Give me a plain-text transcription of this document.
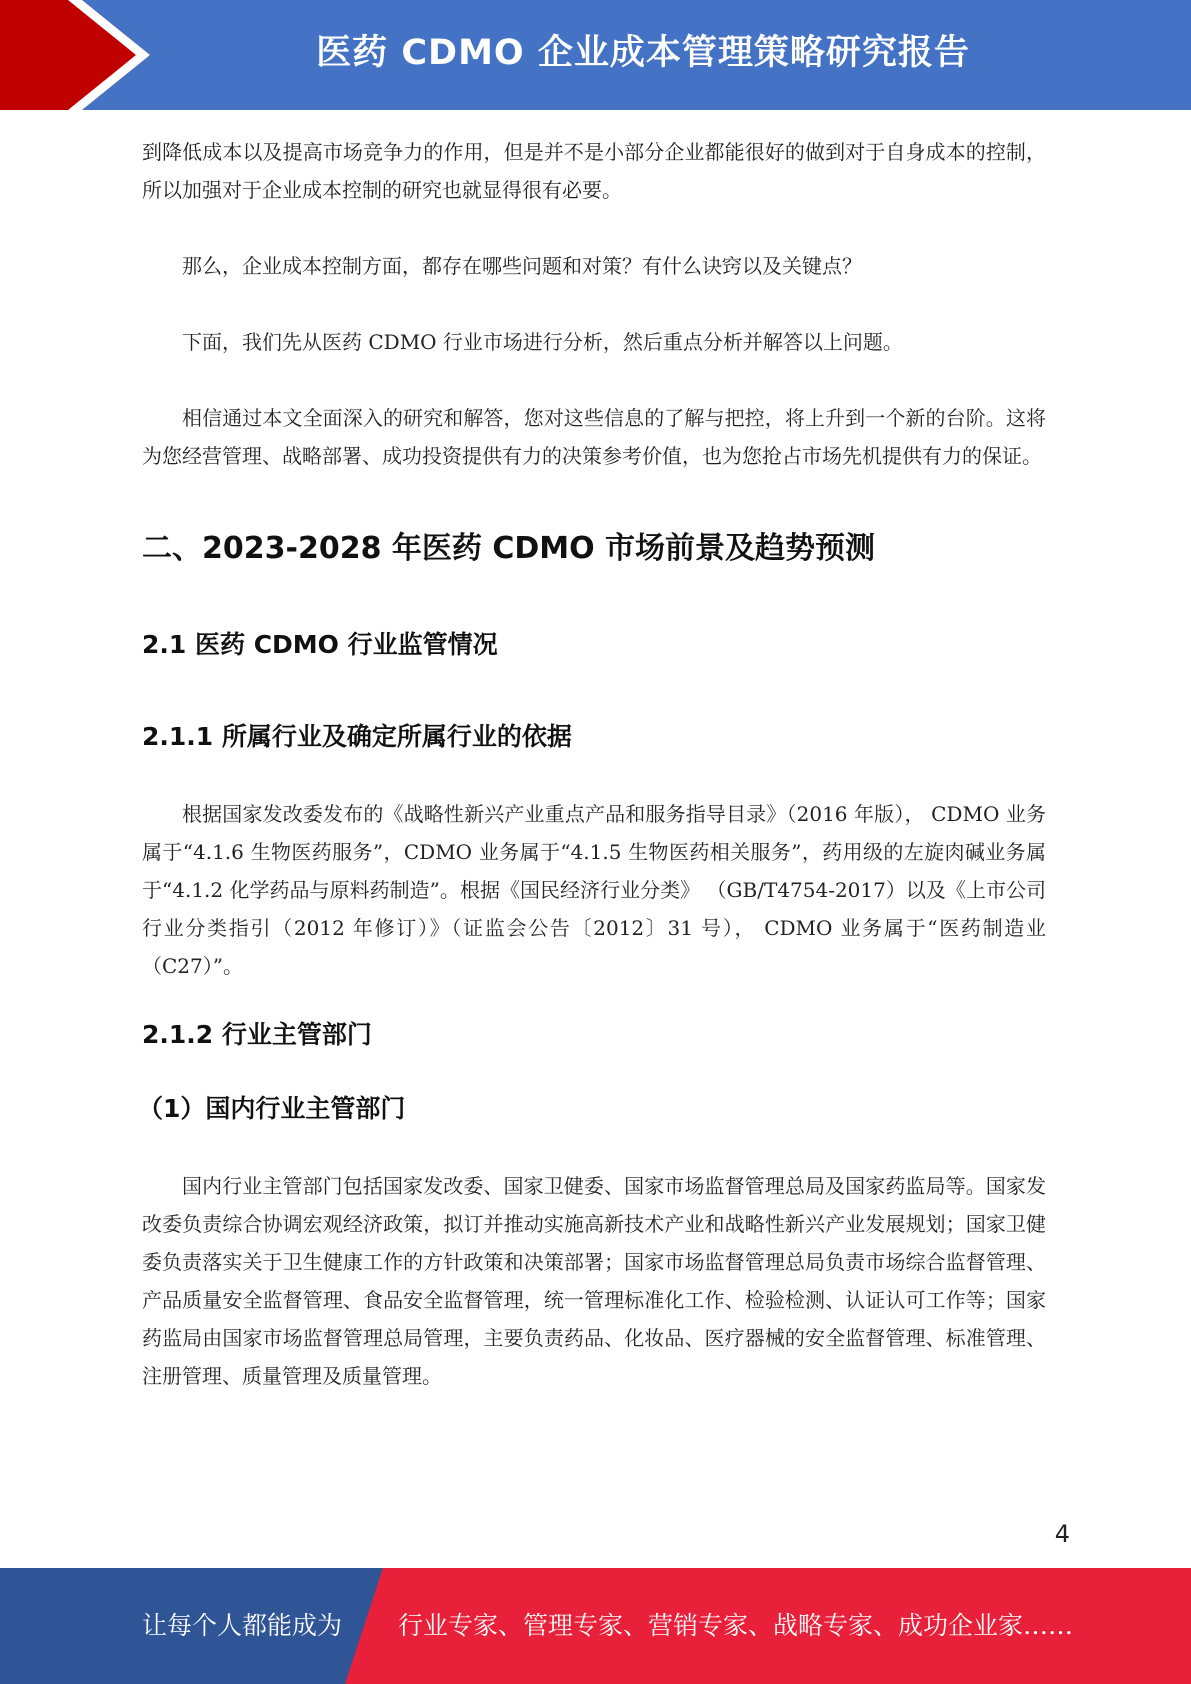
医药 CDMO 企业成本管理策略研究报告

到降低成本以及提高市场竞争力的作用，但是并不是小部分企业都能很好的做到对于自身成本的控制，所以加强对于企业成本控制的研究也就显得很有必要。

那么，企业成本控制方面，都存在哪些问题和对策？有什么诀窍以及关键点？

下面，我们先从医药 CDMO 行业市场进行分析，然后重点分析并解答以上问题。

相信通过本文全面深入的研究和解答，您对这些信息的了解与把控，将上升到一个新的台阶。这将为您经营管理、战略部署、成功投资提供有力的决策参考价值，也为您抢占市场先机提供有力的保证。

二、2023-2028 年医药 CDMO 市场前景及趋势预测
2.1 医药 CDMO 行业监管情况
2.1.1 所属行业及确定所属行业的依据

根据国家发改委发布的《战略性新兴产业重点产品和服务指导目录》（2016 年版）， CDMO 业务属于“4.1.6 生物医药服务”，CDMO 业务属于“4.1.5 生物医药相关服务”，药用级的左旋肉碱业务属于“4.1.2 化学药品与原料药制造”。根据《国民经济行业分类》 （GB/T4754-2017）以及《上市公司行业分类指引（2012 年修订）》（证监会公告〔2012〕31 号）， CDMO 业务属于“医药制造业（C27）”。

2.1.2 行业主管部门
（1）国内行业主管部门

国内行业主管部门包括国家发改委、国家卫健委、国家市场监督管理总局及国家药监局等。国家发改委负责综合协调宏观经济政策，拟订并推动实施高新技术产业和战略性新兴产业发展规划；国家卫健委负责落实关于卫生健康工作的方针政策和决策部署；国家市场监督管理总局负责市场综合监督管理、产品质量安全监督管理、食品安全监督管理，统一管理标准化工作、检验检测、认证认可工作等；国家药监局由国家市场监督管理总局管理，主要负责药品、化妆品、医疗器械的安全监督管理、标准管理、注册管理、质量管理及质量管理。

4
让每个人都能成为 行业专家、管理专家、营销专家、战略专家、成功企业家……
